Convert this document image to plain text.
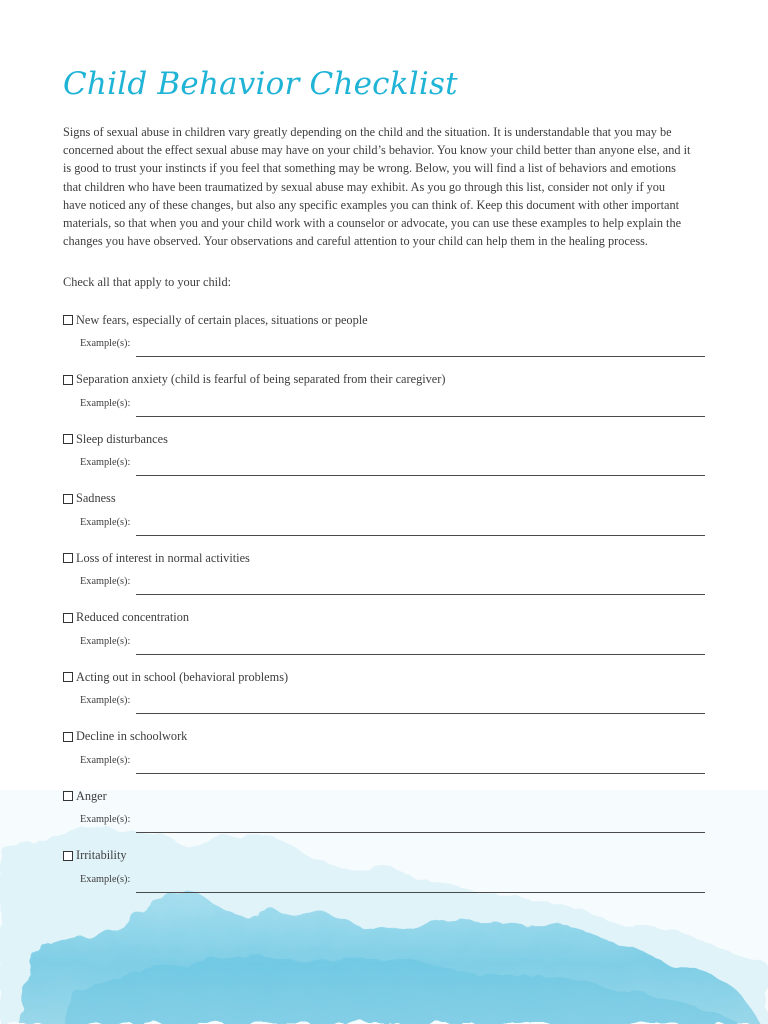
Child Behavior Checklist

Signs of sexual abuse in children vary greatly depending on the child and the situation. It is understandable that you may be concerned about the effect sexual abuse may have on your child’s behavior. You know your child better than anyone else, and it is good to trust your instincts if you feel that something may be wrong. Below, you will find a list of behaviors and emotions that children who have been traumatized by sexual abuse may exhibit. As you go through this list, consider not only if you have noticed any of these changes, but also any specific examples you can think of. Keep this document with other important materials, so that when you and your child work with a counselor or advocate, you can use these examples to help explain the changes you have observed. Your observations and careful attention to your child can help them in the healing process.

Check all that apply to your child:

New fears, especially of certain places, situations or people
Example(s):
Separation anxiety (child is fearful of being separated from their caregiver)
Example(s):
Sleep disturbances
Example(s):
Sadness
Example(s):
Loss of interest in normal activities
Example(s):
Reduced concentration
Example(s):
Acting out in school (behavioral problems)
Example(s):
Decline in schoolwork
Example(s):
Anger
Example(s):
Irritability
Example(s):
